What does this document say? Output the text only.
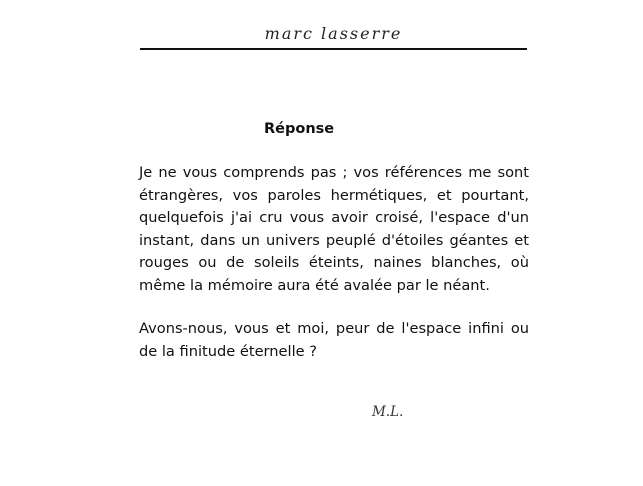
marc lasserre
Réponse

Je ne vous comprends pas ; vos références me sont étrangères, vos paroles hermétiques, et pourtant, quelquefois j'ai cru vous avoir croisé, l'espace d'un instant, dans un univers peuplé d'étoiles géantes et rouges ou de soleils éteints, naines blanches, où même la mémoire aura été avalée par le néant.

Avons-nous, vous et moi, peur de l'espace infini ou de la finitude éternelle ?

M.L.
